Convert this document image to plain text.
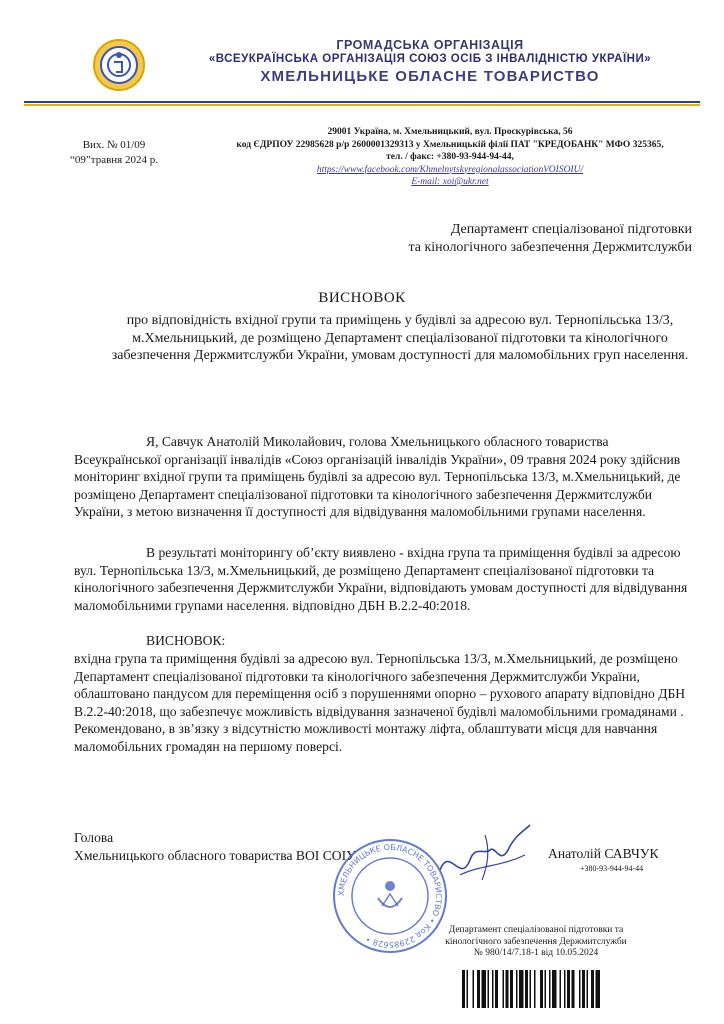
ГРОМАДСЬКА ОРГАНІЗАЦІЯ
«ВСЕУКРАЇНСЬКА ОРГАНІЗАЦІЯ СОЮЗ ОСІБ З ІНВАЛІДНІСТЮ УКРАЇНИ»
ХМЕЛЬНИЦЬКЕ ОБЛАСНЕ ТОВАРИСТВО
Вих. № 01/09
“09”травня 2024 р.
29001 Україна, м. Хмельницький, вул. Проскурівська, 56
код ЄДРПОУ 22985628 р/р 2600001329313 у Хмельницькій філії ПАТ "КРЕДОБАНК" МФО 325365,
тел. / факс: +380-93-944-94-44,
https://www.facebook.com/KhmelnytskyregionalassociationVOISOIU/
E-mail: xoi@ukr.net
Департамент спеціалізованої підготовки
та кінологічного забезпечення Держмитслужби
ВИСНОВОК
про відповідність вхідної групи та приміщень у будівлі за адресою вул. Тернопільська 13/3, м.Хмельницький, де розміщено Департамент спеціалізованої підготовки та кінологічного забезпечення Держмитслужби України, умовам доступності для маломобільних груп населення.
Я, Савчук Анатолій Миколайович, голова Хмельницького обласного товариства Всеукраїнської організації інвалідів «Союз організацій інвалідів України», 09 травня 2024 року здійснив моніторинг вхідної групи та приміщень будівлі за адресою вул. Тернопільська 13/3, м.Хмельницький, де розміщено Департамент спеціалізованої підготовки та кінологічного забезпечення Держмитслужби України, з метою визначення її доступності для відвідування маломобільними групами населення.
В результаті моніторингу об’єкту виявлено - вхідна група та приміщення будівлі за адресою вул. Тернопільська 13/3, м.Хмельницький, де розміщено Департамент спеціалізованої підготовки та кінологічного забезпечення Держмитслужби України, відповідають умовам доступності для відвідування маломобільними групами населення. відповідно ДБН В.2.2-40:2018.
ВИСНОВОК:
вхідна група та приміщення будівлі за адресою вул. Тернопільська 13/3, м.Хмельницький, де розміщено Департамент спеціалізованої підготовки та кінологічного забезпечення Держмитслужби України, облаштовано пандусом для переміщення осіб з порушеннями опорно – рухового апарату відповідно ДБН В.2.2-40:2018, що забезпечує можливість відвідування зазначеної будівлі маломобільними громадянами . Рекомендовано, в зв’язку з відсутністю можливості монтажу ліфта, облаштувати місця для навчання маломобільних громадян на першому поверсі.
Голова
Хмельницького обласного товариства ВОІ СОІУ
ХМЕЛЬНИЦЬКЕ ОБЛАСНЕ ТОВАРИСТВО • Код 22985628 •
Анатолій САВЧУК
+380-93-944-94-44
Департамент спеціалізованої підготовки та
кінологічного забезпечення Держмитслужби
№ 980/14/7.18-1 від 10.05.2024
